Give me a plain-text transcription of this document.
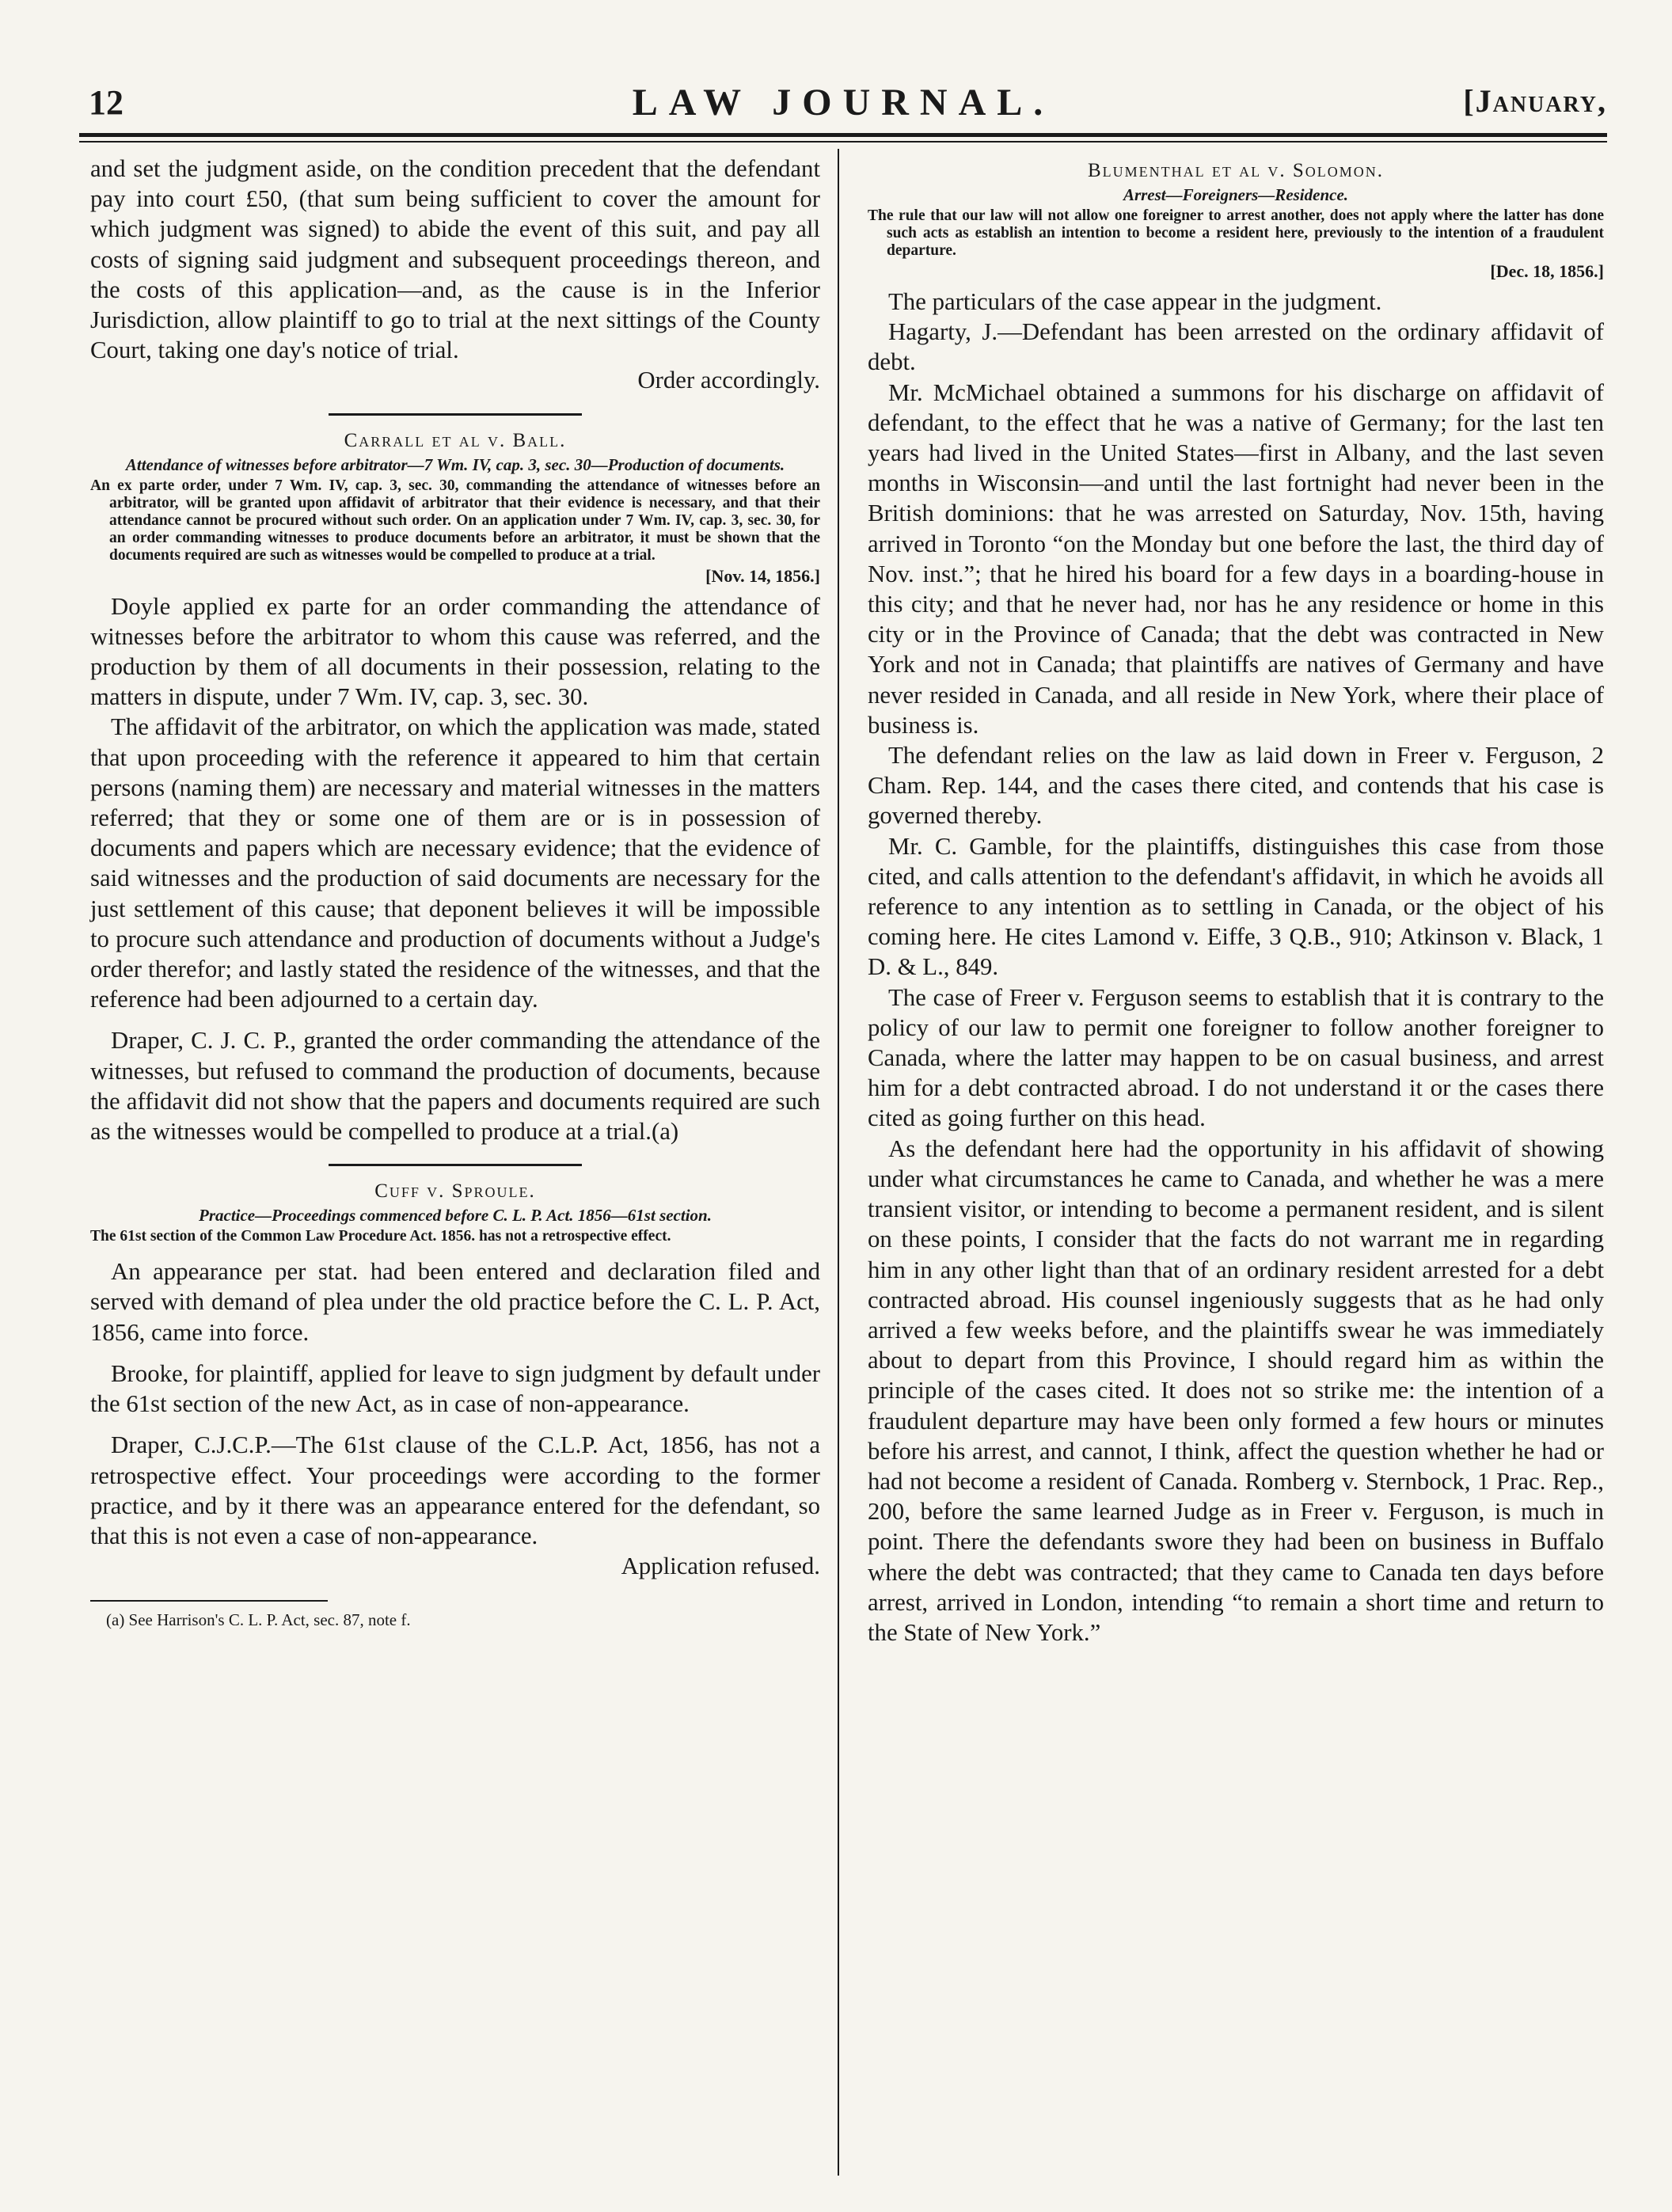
12	LAW JOURNAL.	[January,

and set the judgment aside, on the condition precedent that the defendant pay into court £50, (that sum being sufficient to cover the amount for which judgment was signed) to abide the event of this suit, and pay all costs of signing said judgment and subsequent proceedings thereon, and the costs of this application—and, as the cause is in the Inferior Jurisdiction, allow plaintiff to go to trial at the next sittings of the County Court, taking one day's notice of trial.

Order accordingly.
Carrall et al v. Ball.
Attendance of witnesses before arbitrator—7 Wm. IV, cap. 3, sec. 30—Production of documents.

An ex parte order, under 7 Wm. IV, cap. 3, sec. 30, commanding the attendance of witnesses before an arbitrator, will be granted upon affidavit of arbitrator that their evidence is necessary, and that their attendance cannot be procured without such order. On an application under 7 Wm. IV, cap. 3, sec. 30, for an order commanding witnesses to produce documents before an arbitrator, it must be shown that the documents required are such as witnesses would be compelled to produce at a trial.

[Nov. 14, 1856.]

Doyle applied ex parte for an order commanding the attendance of witnesses before the arbitrator to whom this cause was referred, and the production by them of all documents in their possession, relating to the matters in dispute, under 7 Wm. IV, cap. 3, sec. 30.

The affidavit of the arbitrator, on which the application was made, stated that upon proceeding with the reference it appeared to him that certain persons (naming them) are necessary and material witnesses in the matters referred; that they or some one of them are or is in possession of documents and papers which are necessary evidence; that the evidence of said witnesses and the production of said documents are necessary for the just settlement of this cause; that deponent believes it will be impossible to procure such attendance and production of documents without a Judge's order therefor; and lastly stated the residence of the witnesses, and that the reference had been adjourned to a certain day.

Draper, C. J. C. P., granted the order commanding the attendance of the witnesses, but refused to command the production of documents, because the affidavit did not show that the papers and documents required are such as the witnesses would be compelled to produce at a trial.(a)

Cuff v. Sproule.
Practice—Proceedings commenced before C. L. P. Act. 1856—61st section.

The 61st section of the Common Law Procedure Act. 1856. has not a retrospective effect.

An appearance per stat. had been entered and declaration filed and served with demand of plea under the old practice before the C. L. P. Act, 1856, came into force.

Brooke, for plaintiff, applied for leave to sign judgment by default under the 61st section of the new Act, as in case of non-appearance.

Draper, C.J.C.P.—The 61st clause of the C.L.P. Act, 1856, has not a retrospective effect. Your proceedings were according to the former practice, and by it there was an appearance entered for the defendant, so that this is not even a case of non-appearance.

Application refused.
(a) See Harrison's C. L. P. Act, sec. 87, note f.
Blumenthal et al v. Solomon.
Arrest—Foreigners—Residence.

The rule that our law will not allow one foreigner to arrest another, does not apply where the latter has done such acts as establish an intention to become a resident here, previously to the intention of a fraudulent departure.

[Dec. 18, 1856.]

The particulars of the case appear in the judgment.

Hagarty, J.—Defendant has been arrested on the ordinary affidavit of debt.

Mr. McMichael obtained a summons for his discharge on affidavit of defendant, to the effect that he was a native of Germany; for the last ten years had lived in the United States—first in Albany, and the last seven months in Wisconsin—and until the last fortnight had never been in the British dominions: that he was arrested on Saturday, Nov. 15th, having arrived in Toronto “on the Monday but one before the last, the third day of Nov. inst.”; that he hired his board for a few days in a boarding-house in this city; and that he never had, nor has he any residence or home in this city or in the Province of Canada; that the debt was contracted in New York and not in Canada; that plaintiffs are natives of Germany and have never resided in Canada, and all reside in New York, where their place of business is.

The defendant relies on the law as laid down in Freer v. Ferguson, 2 Cham. Rep. 144, and the cases there cited, and contends that his case is governed thereby.

Mr. C. Gamble, for the plaintiffs, distinguishes this case from those cited, and calls attention to the defendant's affidavit, in which he avoids all reference to any intention as to settling in Canada, or the object of his coming here. He cites Lamond v. Eiffe, 3 Q.B., 910; Atkinson v. Black, 1 D. & L., 849.

The case of Freer v. Ferguson seems to establish that it is contrary to the policy of our law to permit one foreigner to follow another foreigner to Canada, where the latter may happen to be on casual business, and arrest him for a debt contracted abroad. I do not understand it or the cases there cited as going further on this head.

As the defendant here had the opportunity in his affidavit of showing under what circumstances he came to Canada, and whether he was a mere transient visitor, or intending to become a permanent resident, and is silent on these points, I consider that the facts do not warrant me in regarding him in any other light than that of an ordinary resident arrested for a debt contracted abroad. His counsel ingeniously suggests that as he had only arrived a few weeks before, and the plaintiffs swear he was immediately about to depart from this Province, I should regard him as within the principle of the cases cited. It does not so strike me: the intention of a fraudulent departure may have been only formed a few hours or minutes before his arrest, and cannot, I think, affect the question whether he had or had not become a resident of Canada. Romberg v. Sternbock, 1 Prac. Rep., 200, before the same learned Judge as in Freer v. Ferguson, is much in point. There the defendants swore they had been on business in Buffalo where the debt was contracted; that they came to Canada ten days before arrest, arrived in London, intending “to remain a short time and return to the State of New York.”
